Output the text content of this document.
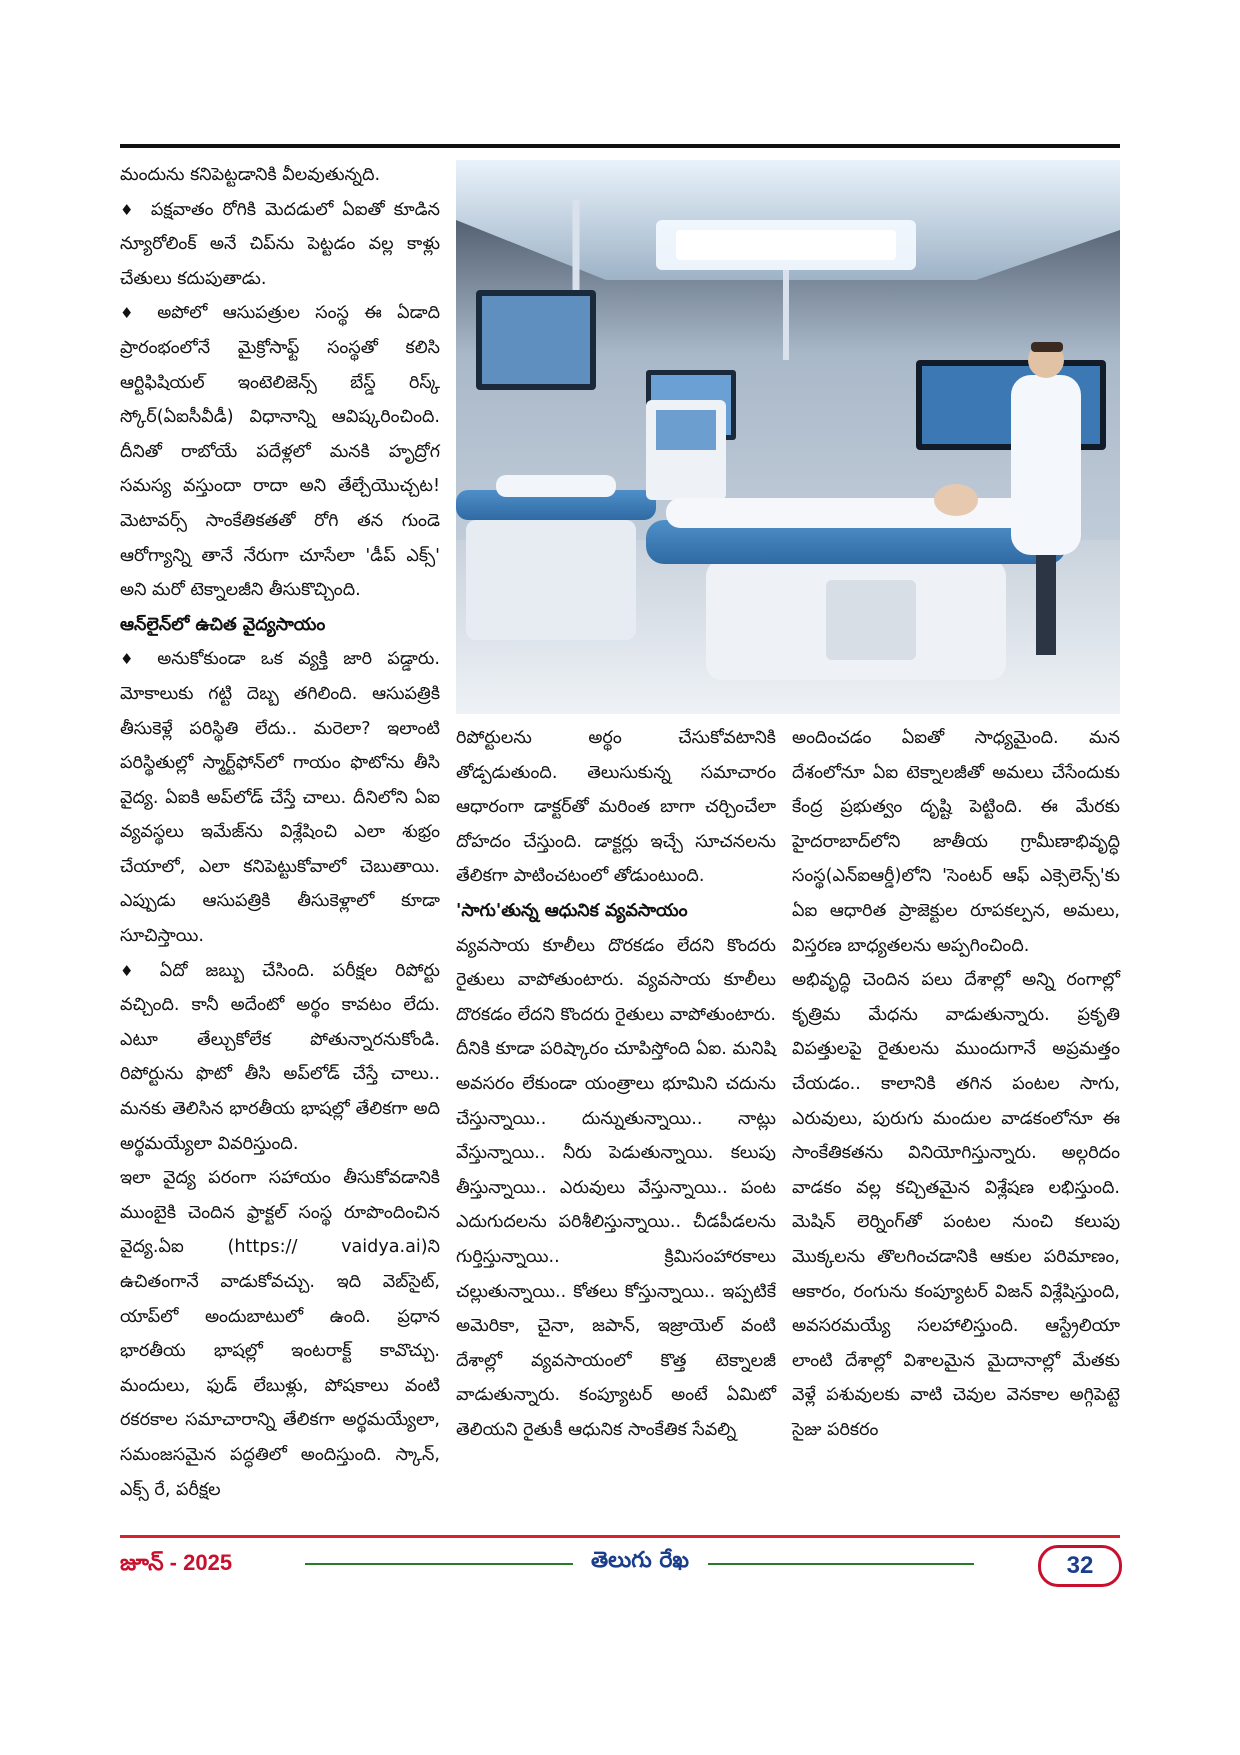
మందును కనిపెట్టడానికి వీలవుతున్నది.

♦ పక్షవాతం రోగికి మెదడులో ఏఐతో కూడిన న్యూరోలింక్ అనే చిప్‌ను పెట్టడం వల్ల కాళ్లు చేతులు కదుపుతాడు.

♦ అపోలో ఆసుపత్రుల సంస్థ ఈ ఏడాది ప్రారంభంలోనే మైక్రోసాఫ్ట్ సంస్థతో కలిసి ఆర్టిఫిషియల్ ఇంటెలిజెన్స్ బేస్డ్ రిస్క్ స్కోర్(ఏఐసీవీడీ) విధానాన్ని ఆవిష్కరించింది. దీనితో రాబోయే పదేళ్లలో మనకి హృద్రోగ సమస్య వస్తుందా రాదా అని తేల్చేయొచ్చట! మెటావర్స్ సాంకేతికతతో రోగి తన గుండె ఆరోగ్యాన్ని తానే నేరుగా చూసేలా 'డీప్ ఎక్స్' అని మరో టెక్నాలజీని తీసుకొచ్చింది.

ఆన్‌లైన్‌లో ఉచిత వైద్యసాయం

♦ అనుకోకుండా ఒక వ్యక్తి జారి పడ్డారు. మోకాలుకు గట్టి దెబ్బ తగిలింది. ఆసుపత్రికి తీసుకెళ్లే పరిస్థితి లేదు.. మరెలా? ఇలాంటి పరిస్థితుల్లో స్మార్ట్‌ఫోన్‌లో గాయం ఫొటోను తీసి వైద్య. ఏఐకి అప్‌లోడ్ చేస్తే చాలు. దీనిలోని ఏఐ వ్యవస్థలు ఇమేజ్‌ను విశ్లేషించి ఎలా శుభ్రం చేయాలో, ఎలా కనిపెట్టుకోవాలో చెబుతాయి. ఎప్పుడు ఆసుపత్రికి తీసుకెళ్లాలో కూడా సూచిస్తాయి.

♦ ఏదో జబ్బు చేసింది. పరీక్షల రిపోర్టు వచ్చింది. కానీ అదేంటో అర్థం కావటం లేదు. ఎటూ తేల్చుకోలేక పోతున్నారనుకోండి. రిపోర్టును ఫొటో తీసి అప్‌లోడ్ చేస్తే చాలు.. మనకు తెలిసిన భారతీయ భాషల్లో తేలికగా అది అర్థమయ్యేలా వివరిస్తుంది.

ఇలా వైద్య పరంగా సహాయం తీసుకోవడానికి ముంబైకి చెందిన ఫ్రాక్టల్ సంస్థ రూపొందించిన వైద్య.ఏఐ (https:// vaidya.ai)ని ఉచితంగానే వాడుకోవచ్చు. ఇది వెబ్‌సైట్, యాప్‌లో అందుబాటులో ఉంది. ప్రధాన భారతీయ భాషల్లో ఇంటరాక్ట్ కావొచ్చు. మందులు, ఫుడ్ లేబుళ్లు, పోషకాలు వంటి రకరకాల సమాచారాన్ని తేలికగా అర్థమయ్యేలా, సమంజసమైన పద్ధతిలో అందిస్తుంది. స్కాన్, ఎక్స్ రే, పరీక్షల

రిపోర్టులను అర్థం చేసుకోవటానికి తోడ్పడుతుంది. తెలుసుకున్న సమాచారం ఆధారంగా డాక్టర్‌తో మరింత బాగా చర్చించేలా దోహదం చేస్తుంది. డాక్టర్లు ఇచ్చే సూచనలను తేలికగా పాటించటంలో తోడుంటుంది.

'సాగు'తున్న ఆధునిక వ్యవసాయం

వ్యవసాయ కూలీలు దొరకడం లేదని కొందరు రైతులు వాపోతుంటారు. వ్యవసాయ కూలీలు దొరకడం లేదని కొందరు రైతులు వాపోతుంటారు. దీనికి కూడా పరిష్కారం చూపిస్తోంది ఏఐ. మనిషి అవసరం లేకుండా యంత్రాలు భూమిని చదును చేస్తున్నాయి.. దున్నుతున్నాయి.. నాట్లు వేస్తున్నాయి.. నీరు పెడుతున్నాయి. కలుపు తీస్తున్నాయి.. ఎరువులు వేస్తున్నాయి.. పంట ఎదుగుదలను పరిశీలిస్తున్నాయి.. చీడపీడలను గుర్తిస్తున్నాయి.. క్రిమిసంహారకాలు చల్లుతున్నాయి.. కోతలు కోస్తున్నాయి.. ఇప్పటికే అమెరికా, చైనా, జపాన్, ఇజ్రాయెల్ వంటి దేశాల్లో వ్యవసాయంలో కొత్త టెక్నాలజీ వాడుతున్నారు. కంప్యూటర్ అంటే ఏమిటో తెలియని రైతుకీ ఆధునిక సాంకేతిక సేవల్ని

అందించడం ఏఐతో సాధ్యమైంది. మన దేశంలోనూ ఏఐ టెక్నాలజీతో అమలు చేసేందుకు కేంద్ర ప్రభుత్వం దృష్టి పెట్టింది. ఈ మేరకు హైదరాబాద్‌లోని జాతీయ గ్రామీణాభివృద్ధి సంస్థ(ఎన్ఐఆర్డీ)లోని 'సెంటర్ ఆఫ్ ఎక్సెలెన్స్'కు ఏఐ ఆధారిత ప్రాజెక్టుల రూపకల్పన, అమలు, విస్తరణ బాధ్యతలను అప్పగించింది.

అభివృద్ధి చెందిన పలు దేశాల్లో అన్ని రంగాల్లో కృత్రిమ మేధను వాడుతున్నారు. ప్రకృతి విపత్తులపై రైతులను ముందుగానే అప్రమత్తం చేయడం.. కాలానికి తగిన పంటల సాగు, ఎరువులు, పురుగు మందుల వాడకంలోనూ ఈ సాంకేతికతను వినియోగిస్తున్నారు. అల్గరిదం వాడకం వల్ల కచ్చితమైన విశ్లేషణ లభిస్తుంది. మెషిన్ లెర్నింగ్‌తో పంటల నుంచి కలుపు మొక్కలను తొలగించడానికి ఆకుల పరిమాణం, ఆకారం, రంగును కంప్యూటర్ విజన్ విశ్లేషిస్తుంది, అవసరమయ్యే సలహాలిస్తుంది. ఆస్ట్రేలియా లాంటి దేశాల్లో విశాలమైన మైదానాల్లో మేతకు వెళ్లే పశువులకు వాటి చెవుల వెనకాల అగ్గిపెట్టె సైజు పరికరం

జూన్ - 2025	తెలుగు రేఖ	32
